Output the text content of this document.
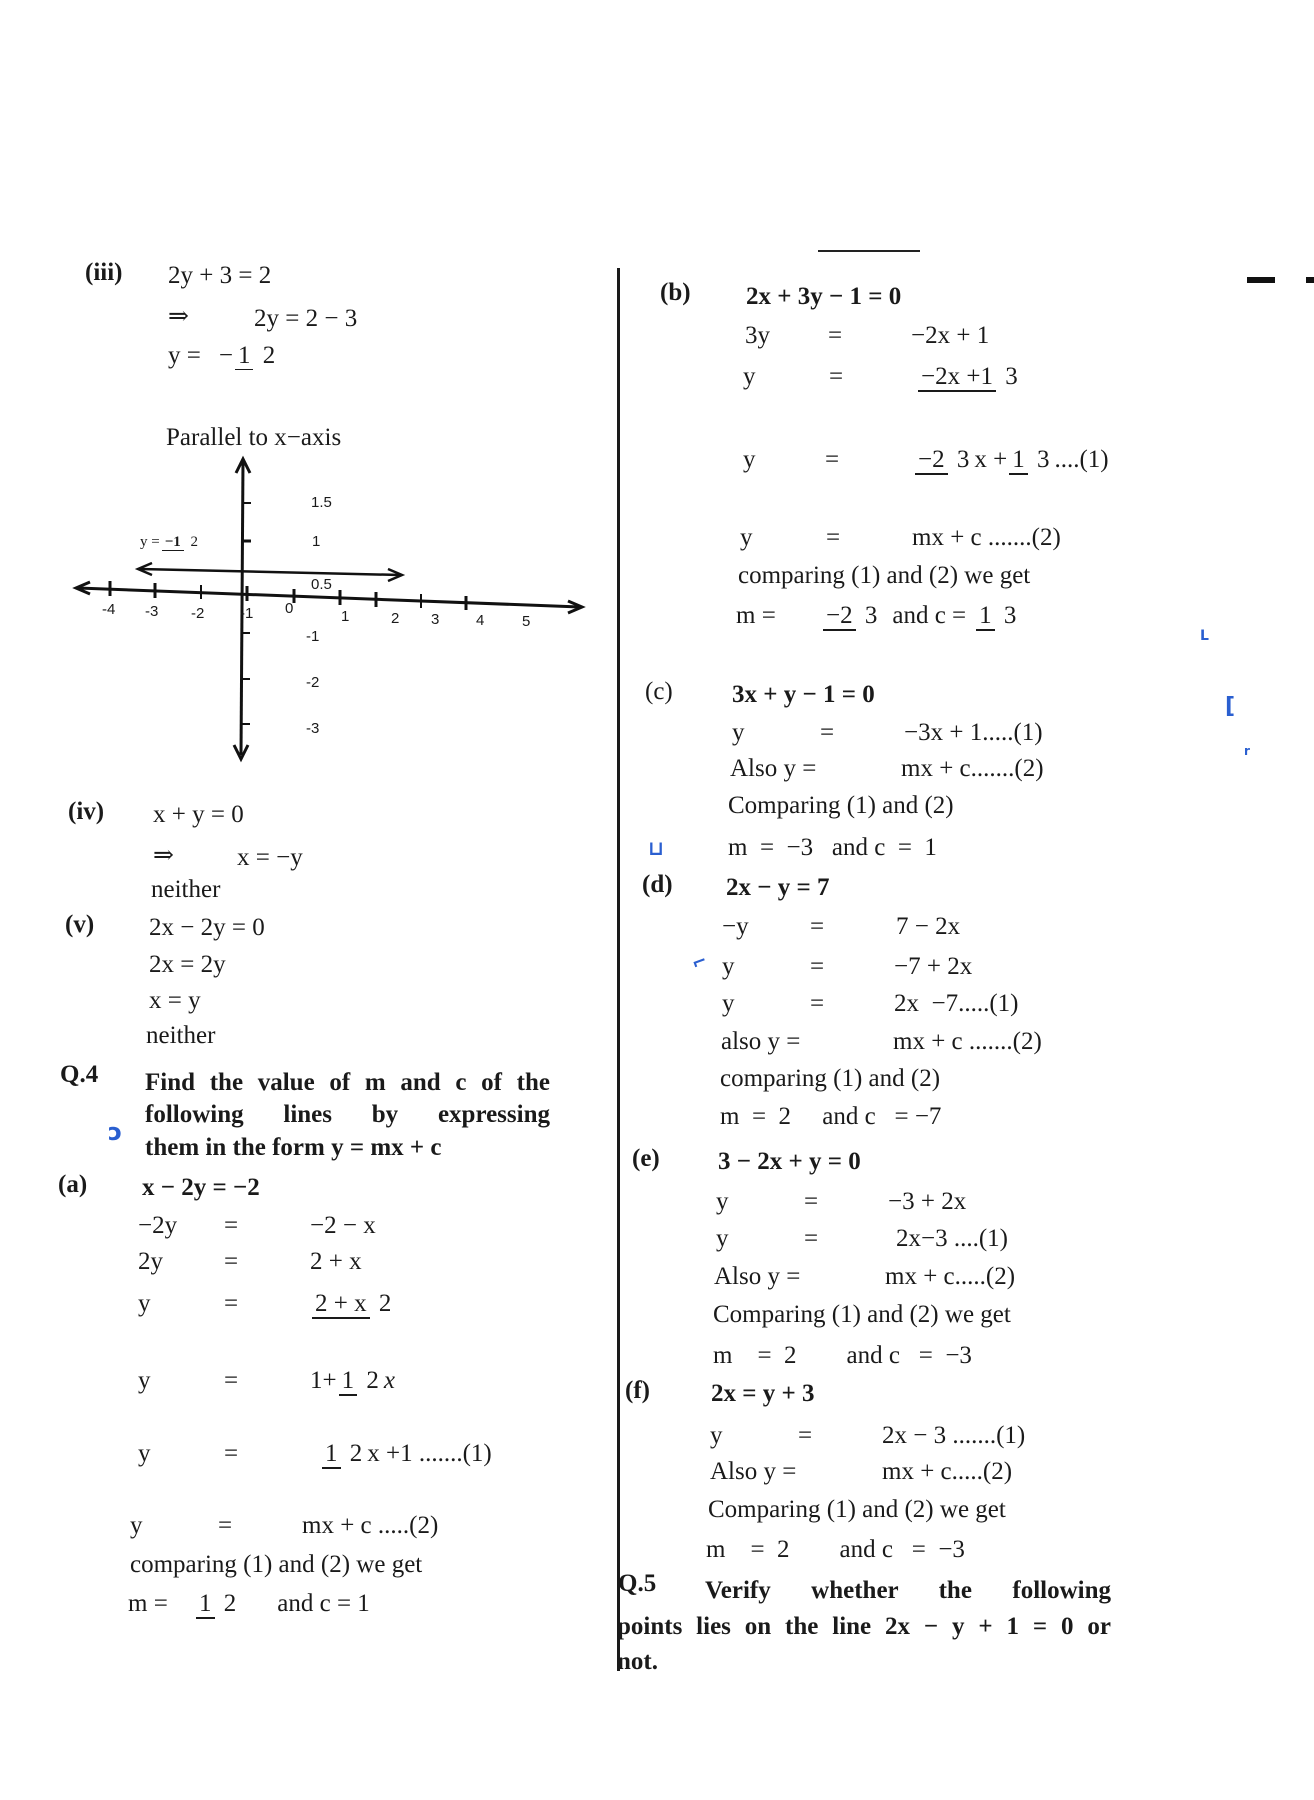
(iii) 2y + 3 = 2
⇒	2y = 2 − 3
y = − 1 2
Parallel to x−axis
-4 -3 -2 -1 0	1	2 3 4	5
1.5
1
0.5
-1
-2
-3
y = −1 2
(iv) x + y = 0
⇒	x = −y
neither
(v) 2x − 2y = 0
2x = 2y
x = y
neither
Q.4 Find the value of m and c of the
following lines by expressing
them in the form y = mx + c
(a) x − 2y = −2
−2y	=	−2 − x
2y	=	2 + x
y	=	2 + x 2
y	=	1+ 1 2 x
y	=	1 2 x +1 .......(1)
y	=	mx + c .....(2)
comparing (1) and (2) we get
m =	1 2 and c = 1
(b) 2x + 3y − 1 = 0
3y	=	−2x + 1
y	=	−2x +1 3
y	=	−2 3 x + 1 3 ....(1)
y	=	mx + c .......(2)
comparing (1) and (2) we get
m =	−2 3 and c = 1 3
(c) 3x + y − 1 = 0
y	=	−3x + 1.....(1)
Also y =	mx + c.......(2)
Comparing (1) and (2)
m  =  −3   and c  =  1
(d) 2x − y = 7
−y	=	7 − 2x
y	=	−7 + 2x
y	=	2x  −7.....(1)
also y =	mx + c .......(2)
comparing (1) and (2)
m  =  2     and c   = −7
(e) 3 − 2x + y = 0
y	=	−3 + 2x
y	=	2x−3 ....(1)
Also y =	mx + c.....(2)
Comparing (1) and (2) we get
m    =  2        and c   =  −3
(f) 2x = y + 3
y	=	2x − 3 .......(1)
Also y =	mx + c.....(2)
Comparing (1) and (2) we get
m    =  2        and c   =  −3
Q.5 Verify whether the following
points lies on the line 2x − y + 1 = 0 or
not.
ɔ
⊔
⌐
L
[
r
